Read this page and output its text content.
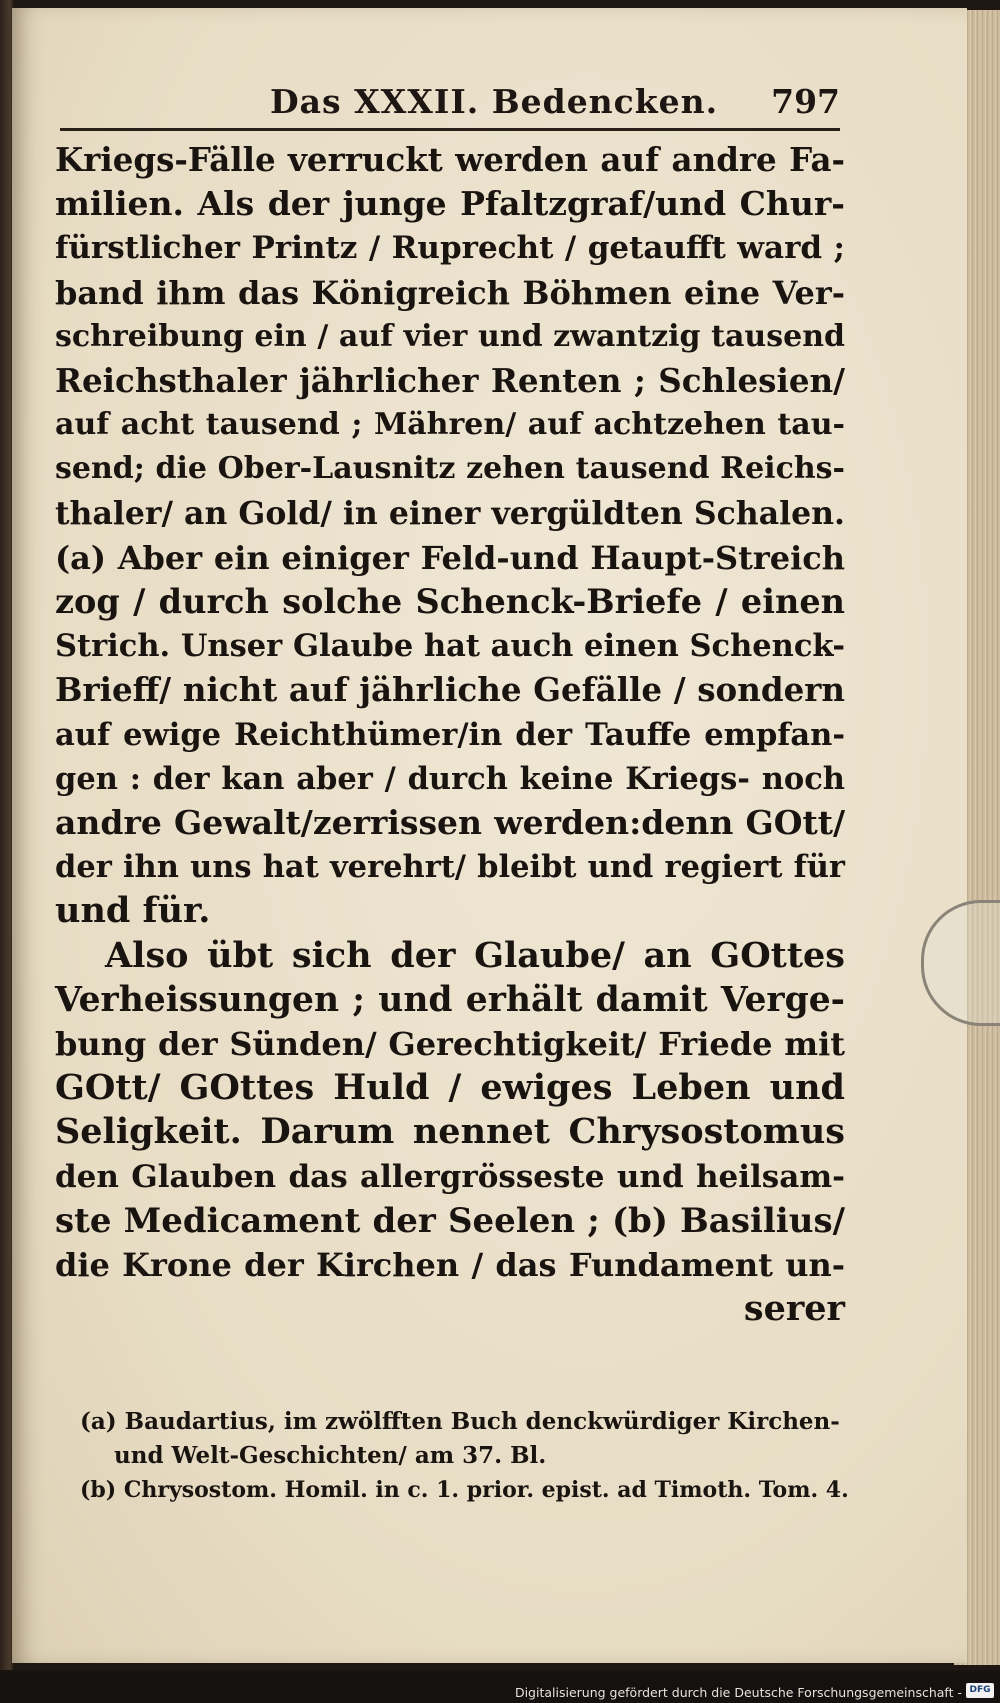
Das XXXII. Bedencken. 797
Kriegs-Fälle verruckt werden auf andre Fa-
milien. Als der junge Pfaltzgraf/und Chur-
fürstlicher Printz / Ruprecht / getaufft ward ;
band ihm das Königreich Böhmen eine Ver-
schreibung ein / auf vier und zwantzig tausend
Reichsthaler jährlicher Renten ; Schlesien/
auf acht tausend ; Mähren/ auf achtzehen tau-
send; die Ober-Lausnitz zehen tausend Reichs-
thaler/ an Gold/ in einer vergüldten Schalen.
(a) Aber ein einiger Feld-und Haupt-Streich
zog / durch solche Schenck-Briefe / einen
Strich. Unser Glaube hat auch einen Schenck-
Brieff/ nicht auf jährliche Gefälle / sondern
auf ewige Reichthümer/in der Tauffe empfan-
gen : der kan aber / durch keine Kriegs- noch
andre Gewalt/zerrissen werden:denn GOtt/
der ihn uns hat verehrt/ bleibt und regiert für
und für.
Also übt sich der Glaube/ an GOttes
Verheissungen ; und erhält damit Verge-
bung der Sünden/ Gerechtigkeit/ Friede mit
GOtt/ GOttes Huld / ewiges Leben und
Seligkeit. Darum nennet Chrysostomus
den Glauben das allergrösseste und heilsam-
ste Medicament der Seelen ; (b) Basilius/
die Krone der Kirchen / das Fundament un-
serer
(a) Baudartius, im zwölfften Buch denckwürdiger Kirchen-
und Welt-Geschichten/ am 37. Bl.
(b) Chrysostom. Homil. in c. 1. prior. epist. ad Timoth. Tom. 4.
Digitalisierung gefördert durch die Deutsche Forschungsgemeinschaft - DFG
